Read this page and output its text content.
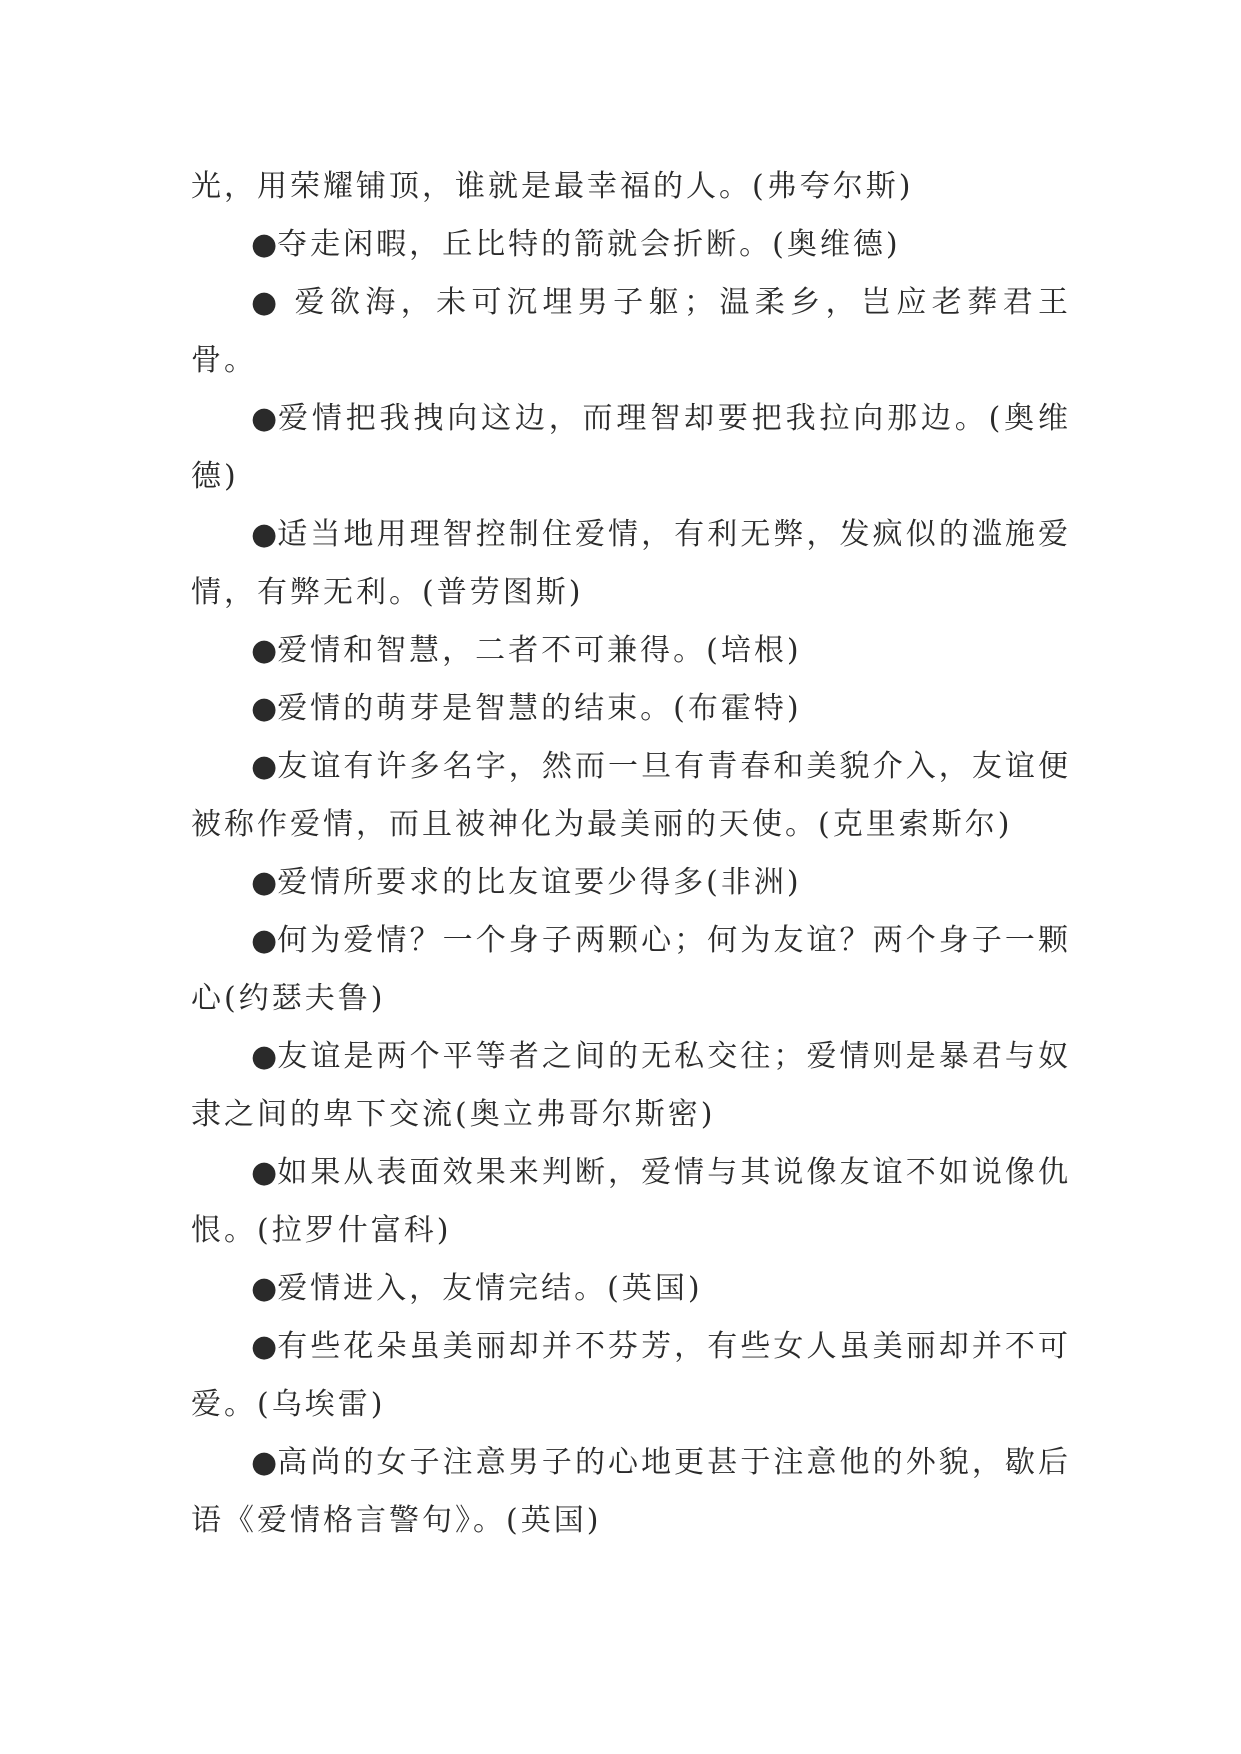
光，用荣耀铺顶，谁就是最幸福的人。(弗夸尔斯)

●夺走闲暇，丘比特的箭就会折断。(奥维德)

● 爱欲海，未可沉埋男子躯；温柔乡，岂应老葬君王骨。

●爱情把我拽向这边，而理智却要把我拉向那边。(奥维德)

●适当地用理智控制住爱情，有利无弊，发疯似的滥施爱情，有弊无利。(普劳图斯)

●爱情和智慧，二者不可兼得。(培根)

●爱情的萌芽是智慧的结束。(布霍特)

●友谊有许多名字，然而一旦有青春和美貌介入，友谊便被称作爱情，而且被神化为最美丽的天使。(克里索斯尔)

●爱情所要求的比友谊要少得多(非洲)

●何为爱情？一个身子两颗心；何为友谊？两个身子一颗心(约瑟夫鲁)

●友谊是两个平等者之间的无私交往；爱情则是暴君与奴隶之间的卑下交流(奥立弗哥尔斯密)

●如果从表面效果来判断，爱情与其说像友谊不如说像仇恨。(拉罗什富科)

●爱情进入，友情完结。(英国)

●有些花朵虽美丽却并不芬芳，有些女人虽美丽却并不可爱。(乌埃雷)

●高尚的女子注意男子的心地更甚于注意他的外貌，歇后语《爱情格言警句》。(英国)
